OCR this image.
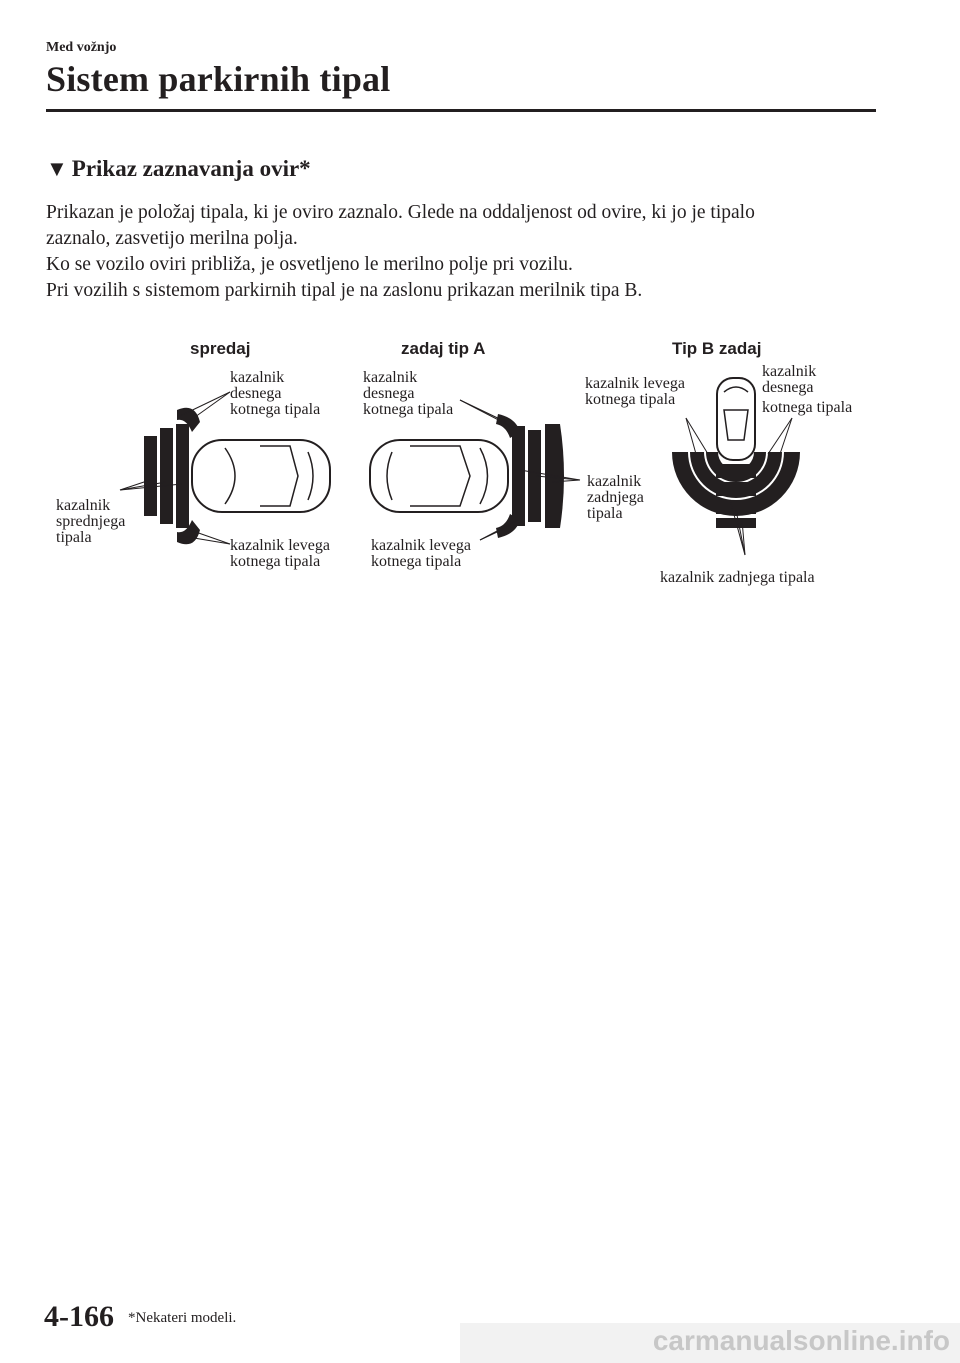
Med vožnjo
Sistem parkirnih tipal
▼ Prikaz zaznavanja ovir*

Prikazan je položaj tipala, ki je oviro zaznalo. Glede na oddaljenost od ovire, ki jo je tipalo

zaznalo, zasvetijo merilna polja.

Ko se vozilo oviri približa, je osvetljeno le merilno polje pri vozilu.

Pri vozilih s sistemom parkirnih tipal je na zaslonu prikazan merilnik tipa B.

spredaj
kazalnik
desnega
kotnega tipala
kazalnik
sprednjega
tipala	kazalnik levega
kotnega tipala
zadaj tip A
kazalnik
desnega
kotnega tipala
kazalnik levega
kotnega tipala
kazalnik
zadnjega
tipala
Tip B zadaj
kazalnik levega
kotnega tipala
kazalnik
desnega
kotnega tipala
kazalnik zadnjega tipala
4-166 *Nekateri modeli.
carmanualsonline.info
